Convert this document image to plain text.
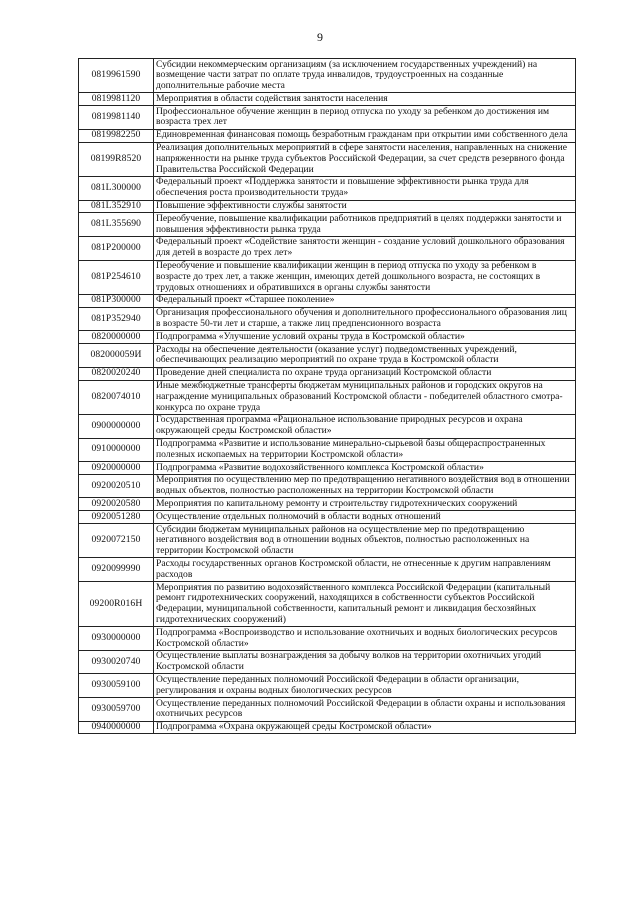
9
0819961590	Субсидии некоммерческим организациям (за исключением государственных учреждений) на возмещение части затрат по оплате труда инвалидов, трудоустроенных на созданные дополнительные рабочие места
0819981120	Мероприятия в области содействия занятости населения
0819981140	Профессиональное обучение женщин в период отпуска по уходу за ребенком до достижения им возраста трех лет
0819982250	Единовременная финансовая помощь безработным гражданам при открытии ими собственного дела
08199R8520	Реализация дополнительных мероприятий в сфере занятости населения, направленных на снижение напряженности на рынке труда субъектов Российской Федерации, за счет средств резервного фонда Правительства Российской Федерации
081L300000	Федеральный проект «Поддержка занятости и повышение эффективности рынка труда для обеспечения роста производительности труда»
081L352910	Повышение эффективности службы занятости
081L355690	Переобучение, повышение квалификации работников предприятий в целях поддержки занятости и повышения эффективности рынка труда
081P200000	Федеральный проект «Содействие занятости женщин - создание условий дошкольного образования для детей в возрасте до трех лет»
081P254610	Переобучение и повышение квалификации женщин в период отпуска по уходу за ребенком в возрасте до трех лет, а также женщин, имеющих детей дошкольного возраста, не состоящих в трудовых отношениях и обратившихся в органы службы занятости
081P300000	Федеральный проект «Старшее поколение»
081P352940	Организация профессионального обучения и дополнительного профессионального образования лиц в возрасте 50-ти лет и старше, а также лиц предпенсионного возраста
0820000000	Подпрограмма «Улучшение условий охраны труда в Костромской области»
082000059И	Расходы на обеспечение деятельности (оказание услуг) подведомственных учреждений, обеспечивающих реализацию мероприятий по охране труда в Костромской области
0820020240	Проведение дней специалиста по охране труда организаций Костромской области
0820074010	Иные межбюджетные трансферты бюджетам муниципальных районов и городских округов на награждение муниципальных образований Костромской области - победителей областного смотра-конкурса по охране труда
0900000000	Государственная программа «Рациональное использование природных ресурсов и охрана окружающей среды Костромской области»
0910000000	Подпрограмма «Развитие и использование минерально-сырьевой базы общераспространенных полезных ископаемых на территории Костромской области»
0920000000	Подпрограмма «Развитие водохозяйственного комплекса Костромской области»
0920020510	Мероприятия по осуществлению мер по предотвращению негативного воздействия вод в отношении водных объектов, полностью расположенных на территории Костромской области
0920020580	Мероприятия по капитальному ремонту и строительству гидротехнических сооружений
0920051280	Осуществление отдельных полномочий в области водных отношений
0920072150	Субсидии бюджетам муниципальных районов на осуществление мер по предотвращению негативного воздействия вод в отношении водных объектов, полностью расположенных на территории Костромской области
0920099990	Расходы государственных органов Костромской области, не отнесенные к другим направлениям расходов
09200R016Н	Мероприятия по развитию водохозяйственного комплекса Российской Федерации (капитальный ремонт гидротехнических сооружений, находящихся в собственности субъектов Российской Федерации, муниципальной собственности, капитальный ремонт и ликвидация бесхозяйных гидротехнических сооружений)
0930000000	Подпрограмма «Воспроизводство и использование охотничьих и водных биологических ресурсов Костромской области»
0930020740	Осуществление выплаты вознаграждения за добычу волков на территории охотничьих угодий Костромской области
0930059100	Осуществление переданных полномочий Российской Федерации в области организации, регулирования и охраны водных биологических ресурсов
0930059700	Осуществление переданных полномочий Российской Федерации в области охраны и использования охотничьих ресурсов
0940000000	Подпрограмма «Охрана окружающей среды Костромской области»
